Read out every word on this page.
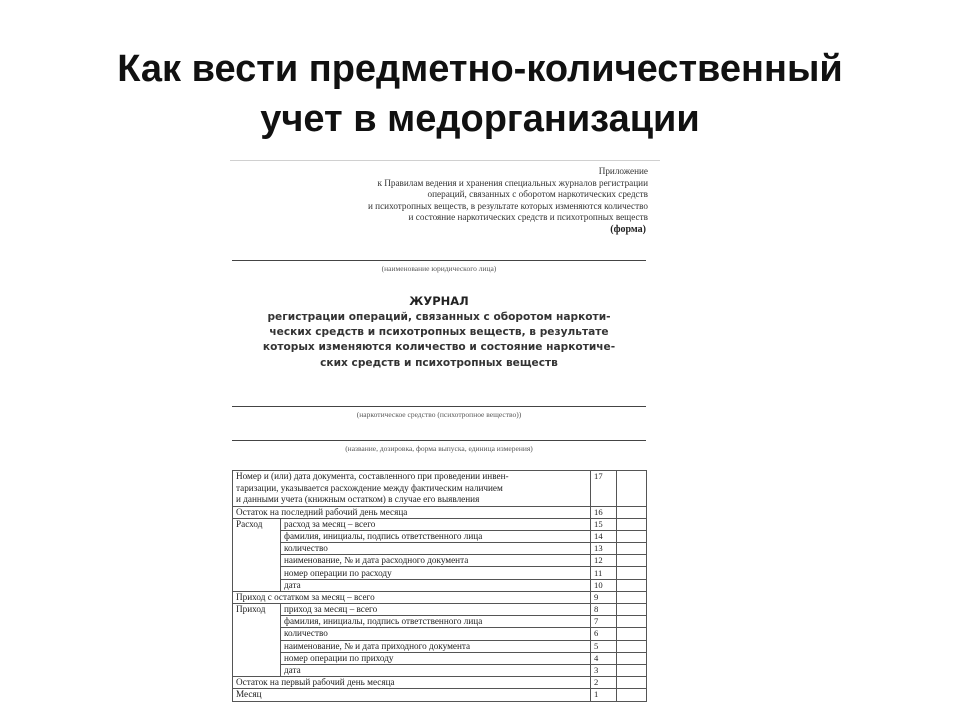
Как вести предметно-количественный
учет в медорганизации
Приложение
к Правилам ведения и хранения специальных журналов регистрации
операций, связанных с оборотом наркотических средств
и психотропных веществ, в результате которых изменяются количество
и состояние наркотических средств и психотропных веществ
(форма)
(наименование юридического лица)
ЖУРНАЛ
регистрации операций, связанных с оборотом наркоти-
ческих средств и психотропных веществ, в результате
которых изменяются количество и состояние наркотиче-
ских средств и психотропных веществ
(наркотическое средство (психотропное вещество))
(название, дозировка, форма выпуска, единица измерения)
Номер и (или) дата документа, составленного при проведении инвен-
таризации, указывается расхождение между фактическим наличием
и данными учета (книжным остатком) в случае его выявления		17	
Остаток на последний рабочий день месяца		16	
Расход	расход за месяц – всего	15	
	фамилия, инициалы, подпись ответственного лица	14	
	количество	13	
	наименование, № и дата расходного документа	12	
	номер операции по расходу	11	
	дата	10	
Приход с остатком за месяц – всего		9	
Приход	приход за месяц – всего	8	
	фамилия, инициалы, подпись ответственного лица	7	
	количество	6	
	наименование, № и дата приходного документа	5	
	номер операции по приходу	4	
	дата	3	
Остаток на первый рабочий день месяца		2	
Месяц		1	
